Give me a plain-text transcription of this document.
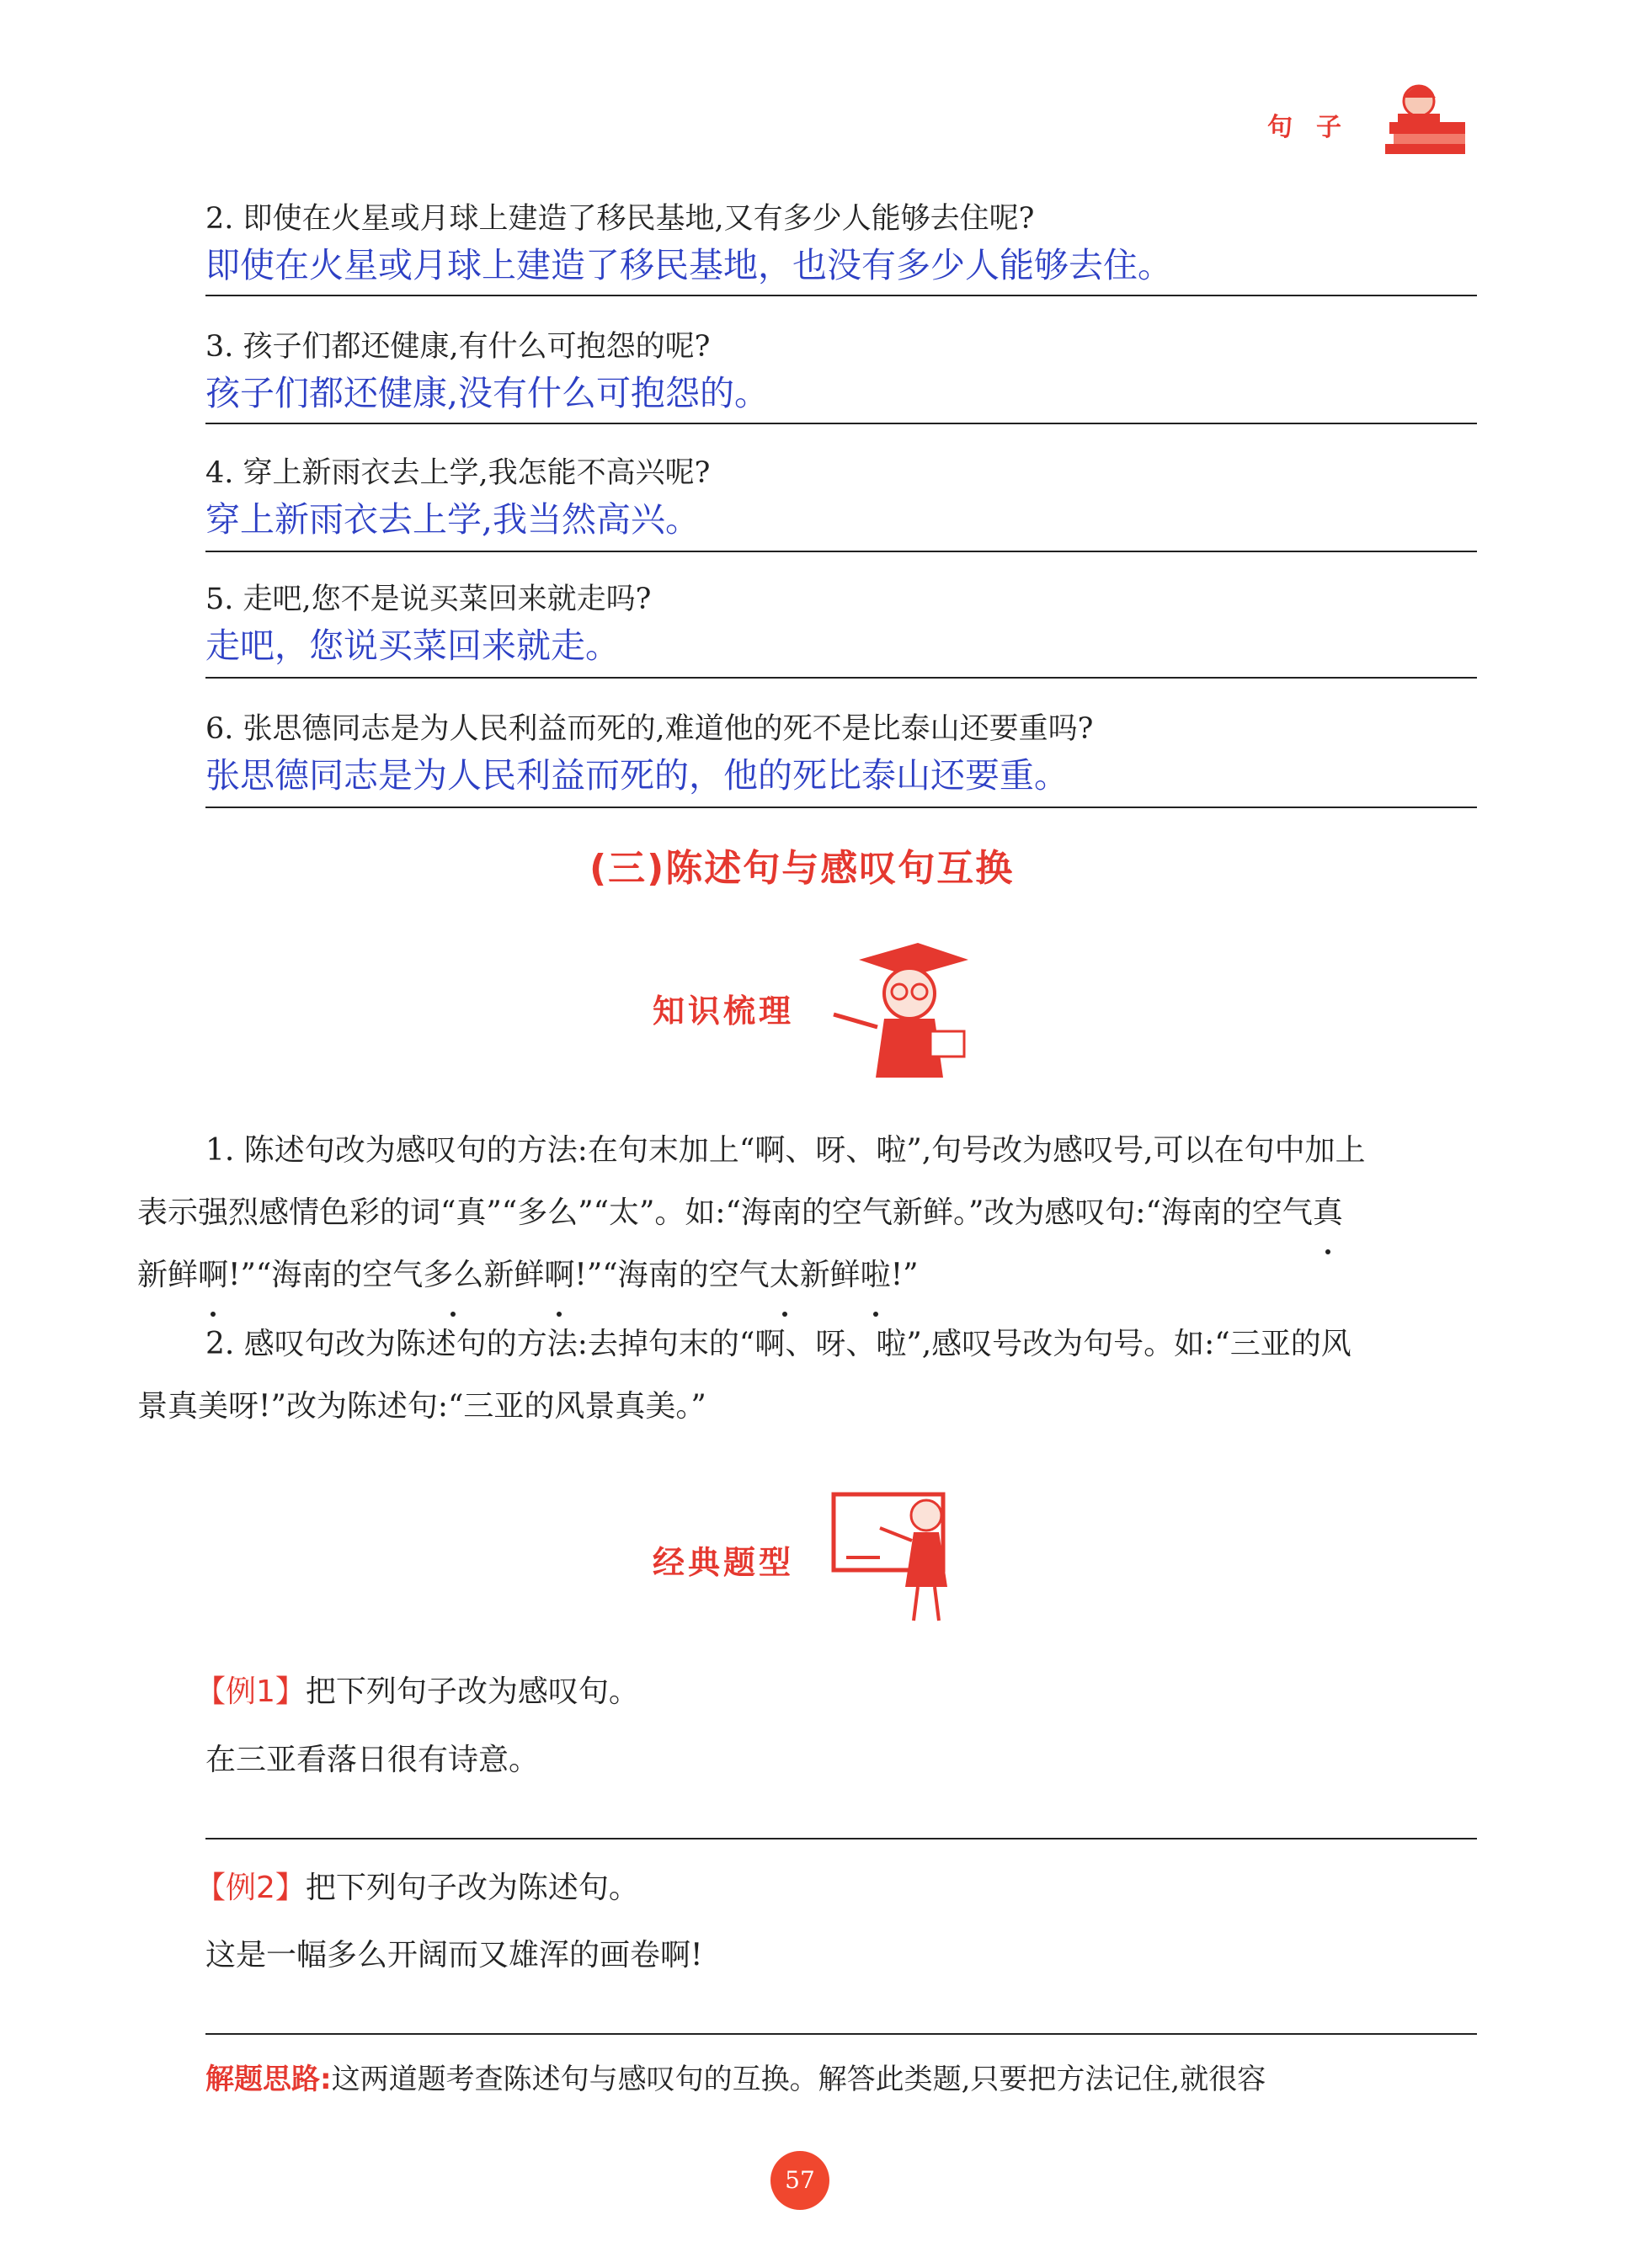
句子
2. 即使在火星或月球上建造了移民基地,又有多少人能够去住呢?
即使在火星或月球上建造了移民基地，也没有多少人能够去住。
3. 孩子们都还健康,有什么可抱怨的呢?
孩子们都还健康,没有什么可抱怨的。
4. 穿上新雨衣去上学,我怎能不高兴呢?
穿上新雨衣去上学,我当然高兴。
5. 走吧,您不是说买菜回来就走吗?
走吧，您说买菜回来就走。
6. 张思德同志是为人民利益而死的,难道他的死不是比泰山还要重吗?
张思德同志是为人民利益而死的，他的死比泰山还要重。
(三)陈述句与感叹句互换
知识梳理
1. 陈述句改为感叹句的方法:在句末加上“啊、呀、啦”,句号改为感叹号,可以在句中加上
表示强烈感情色彩的词“真”“多么”“太”。如:“海南的空气新鲜。”改为感叹句:“海南的空气真
新鲜啊!”“海南的空气多么新鲜啊!”“海南的空气太新鲜啦!”
2. 感叹句改为陈述句的方法:去掉句末的“啊、呀、啦”,感叹号改为句号。如:“三亚的风
景真美呀!”改为陈述句:“三亚的风景真美。”
经典题型
【例1】把下列句子改为感叹句。
在三亚看落日很有诗意。
【例2】把下列句子改为陈述句。
这是一幅多么开阔而又雄浑的画卷啊!
解题思路:这两道题考查陈述句与感叹句的互换。解答此类题,只要把方法记住,就很容
57
